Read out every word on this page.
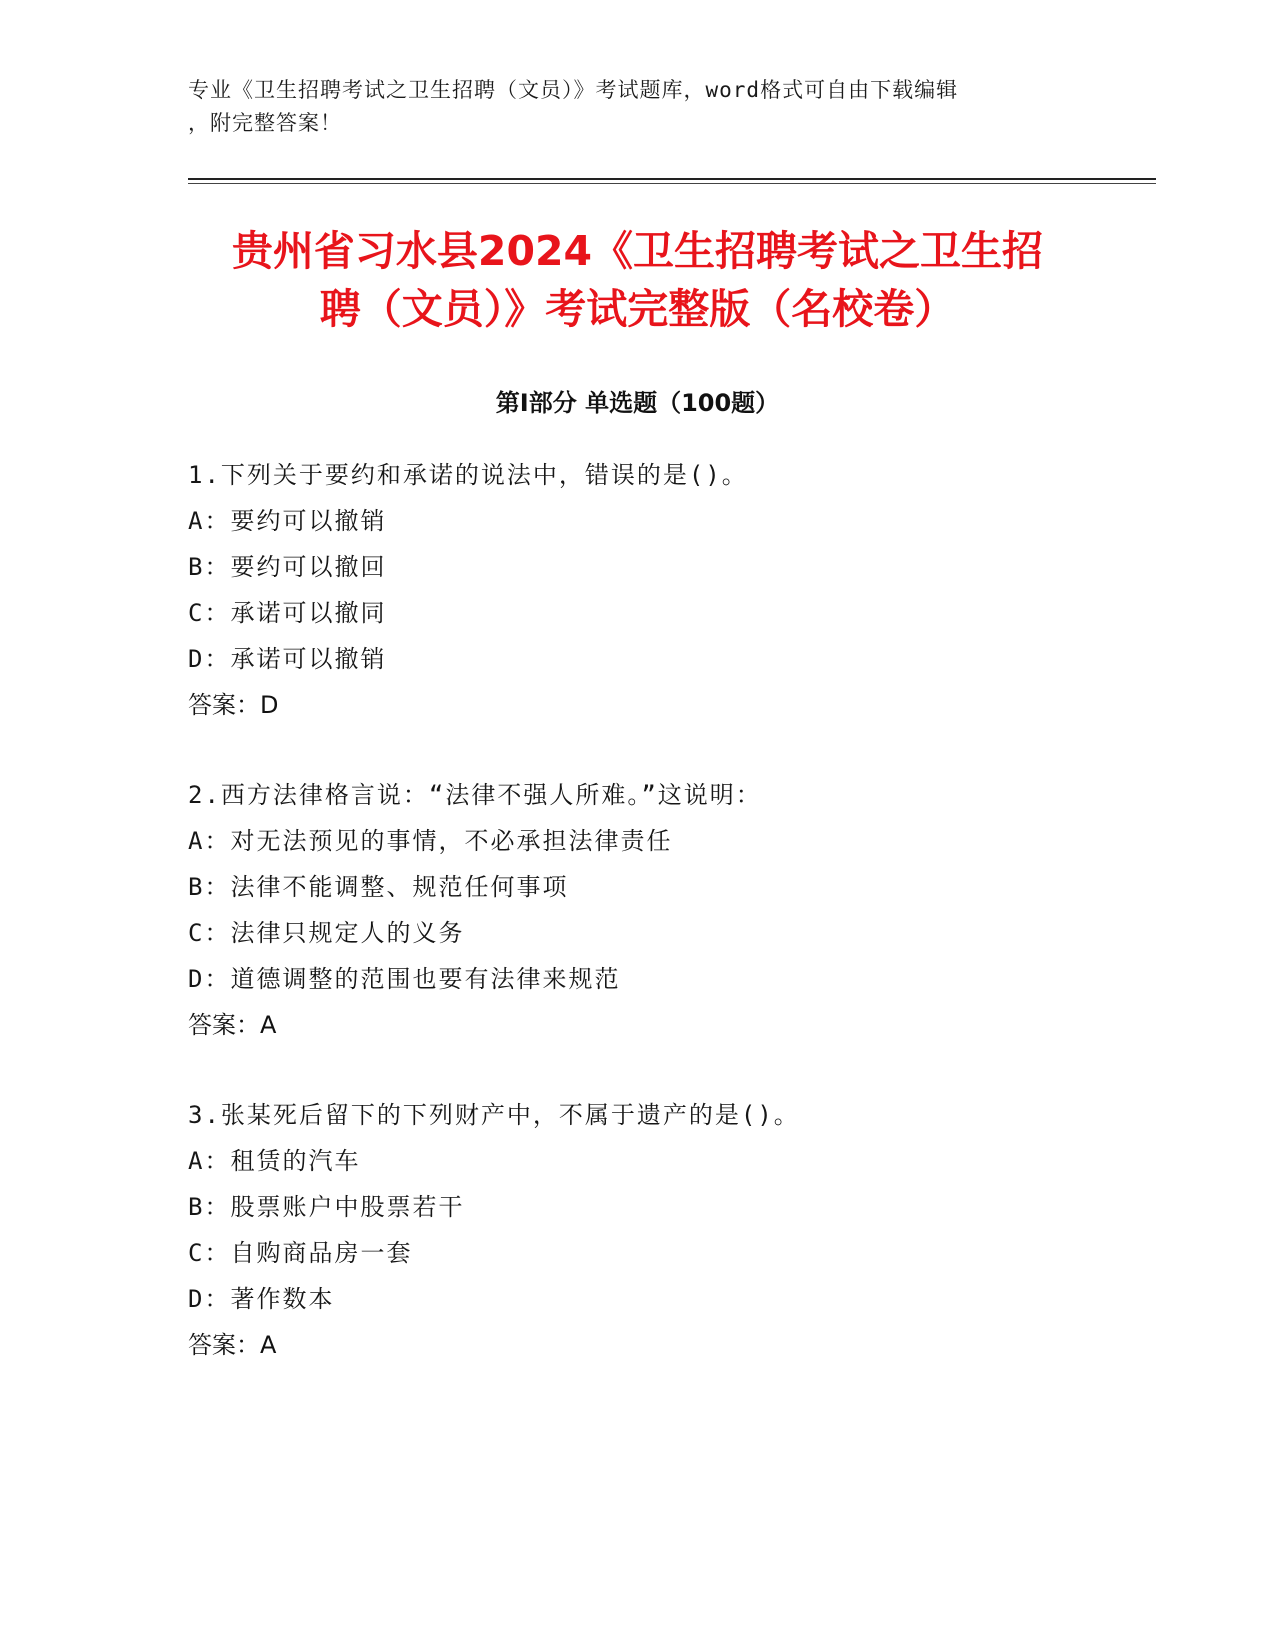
专业《卫生招聘考试之卫生招聘（文员）》考试题库，word格式可自由下载编辑
，附完整答案！
贵州省习水县2024《卫生招聘考试之卫生招
聘（文员）》考试完整版（名校卷）
第Ⅰ部分 单选题（100题）
1.下列关于要约和承诺的说法中，错误的是()。
A：要约可以撤销
B：要约可以撤回
C：承诺可以撤同
D：承诺可以撤销
答案：D
2.西方法律格言说：“法律不强人所难。”这说明：
A：对无法预见的事情，不必承担法律责任
B：法律不能调整、规范任何事项
C：法律只规定人的义务
D：道德调整的范围也要有法律来规范
答案：A
3.张某死后留下的下列财产中，不属于遗产的是()。
A：租赁的汽车
B：股票账户中股票若干
C：自购商品房一套
D：著作数本
答案：A
